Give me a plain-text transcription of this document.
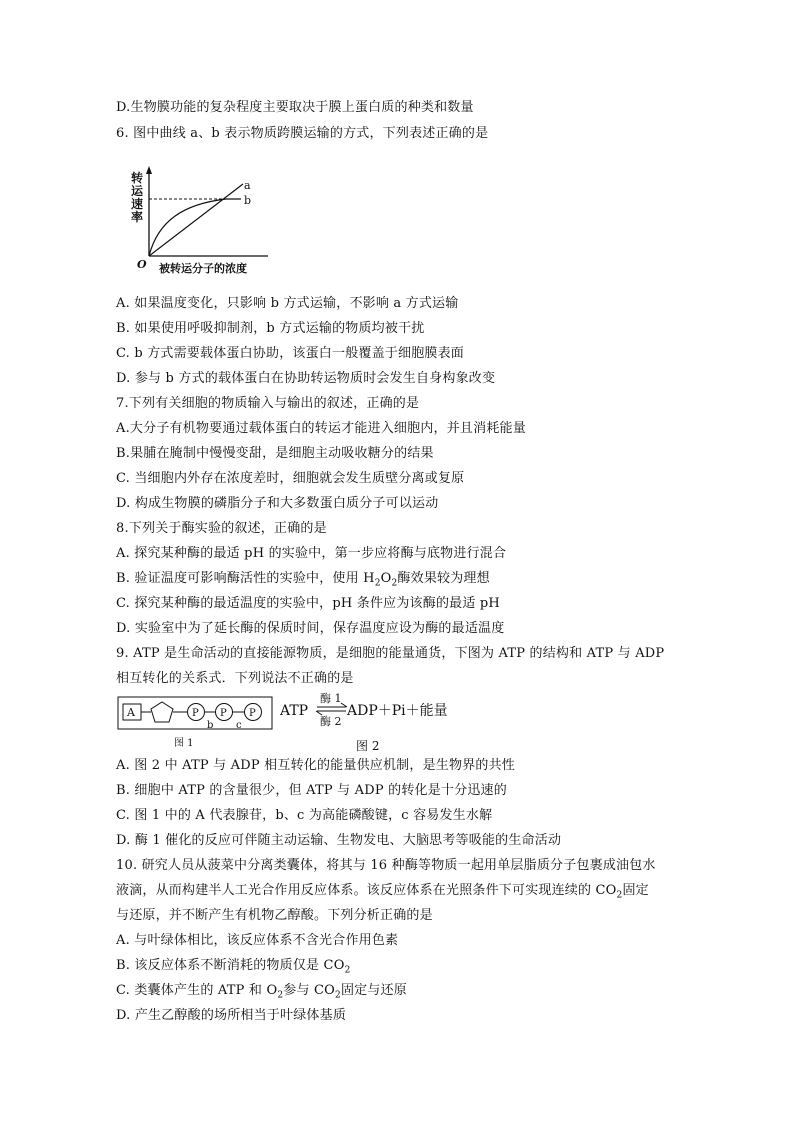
D.生物膜功能的复杂程度主要取决于膜上蛋白质的种类和数量
6. 图中曲线 a、b 表示物质跨膜运输的方式，下列表述正确的是
转运速率
a
b
O 被转运分子的浓度
A. 如果温度变化，只影响 b 方式运输，不影响 a 方式运输
B. 如果使用呼吸抑制剂，b 方式运输的物质均被干扰
C. b 方式需要载体蛋白协助，该蛋白一般覆盖于细胞膜表面
D. 参与 b 方式的载体蛋白在协助转运物质时会发生自身构象改变
7.下列有关细胞的物质输入与输出的叙述，正确的是
A.大分子有机物要通过载体蛋白的转运才能进入细胞内，并且消耗能量
B.果脯在腌制中慢慢变甜，是细胞主动吸收糖分的结果
C. 当细胞内外存在浓度差时，细胞就会发生质壁分离或复原
D. 构成生物膜的磷脂分子和大多数蛋白质分子可以运动
8.下列关于酶实验的叙述，正确的是
A. 探究某种酶的最适 pH 的实验中，第一步应将酶与底物进行混合
B. 验证温度可影响酶活性的实验中，使用 $H_2O_2$酶效果较为理想
C. 探究某种酶的最适温度的实验中，pH 条件应为该酶的最适 pH
D. 实验室中为了延长酶的保质时间，保存温度应设为酶的最适温度
9. ATP 是生命活动的直接能源物质，是细胞的能量通货，下图为 ATP 的结构和 ATP 与 ADP
相互转化的关系式．下列说法不正确的是
A	P P P
b c
图 1
ATP
酶 1
酶 2
ADP＋Pi＋能量
图 2
A. 图 2 中 ATP 与 ADP 相互转化的能量供应机制，是生物界的共性
B. 细胞中 ATP 的含量很少，但 ATP 与 ADP 的转化是十分迅速的
C. 图 1 中的 A 代表腺苷，b、c 为高能磷酸键，c 容易发生水解
D. 酶 1 催化的反应可伴随主动运输、生物发电、大脑思考等吸能的生命活动
10. 研究人员从菠菜中分离类囊体，将其与 16 种酶等物质一起用单层脂质分子包裹成油包水
液滴，从而构建半人工光合作用反应体系。该反应体系在光照条件下可实现连续的 $CO_2$固定
与还原，并不断产生有机物乙醇酸。下列分析正确的是
A. 与叶绿体相比，该反应体系不含光合作用色素
B. 该反应体系不断消耗的物质仅是 $CO_2$
C. 类囊体产生的 ATP 和 $O_2$参与 $CO_2$固定与还原
D. 产生乙醇酸的场所相当于叶绿体基质
